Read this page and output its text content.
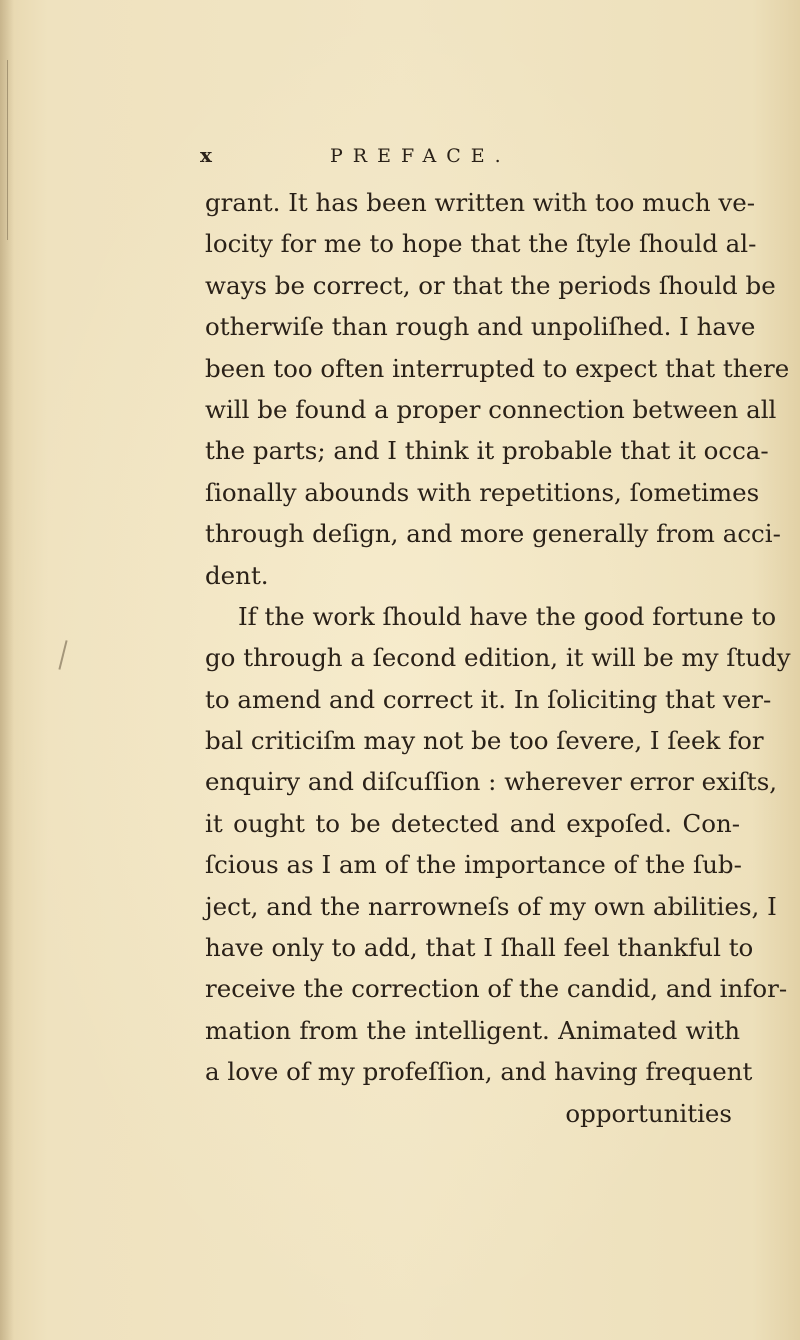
x	PREFACE.
grant. It has been written with too much ve-
locity for me to hope that the ſtyle ſhould al-
ways be correct, or that the periods ſhould be
otherwiſe than rough and unpoliſhed. I have
been too often interrupted to expect that there
will be found a proper connection between all
the parts; and I think it probable that it occa-
ſionally abounds with repetitions, ſometimes
through deſign, and more generally from acci-
dent.
If the work ſhould have the good fortune to
go through a ſecond edition, it will be my ſtudy
to amend and correct it. In ſoliciting that ver-
bal criticiſm may not be too ſevere, I ſeek for
enquiry and diſcuſſion : wherever error exiſts,
it ought to be detected and expoſed. Con-
ſcious as I am of the importance of the ſub-
ject, and the narrowneſs of my own abilities, I
have only to add, that I ſhall feel thankful to
receive the correction of the candid, and infor-
mation from the intelligent. Animated with
a love of my profeſſion, and having frequent
opportunities
